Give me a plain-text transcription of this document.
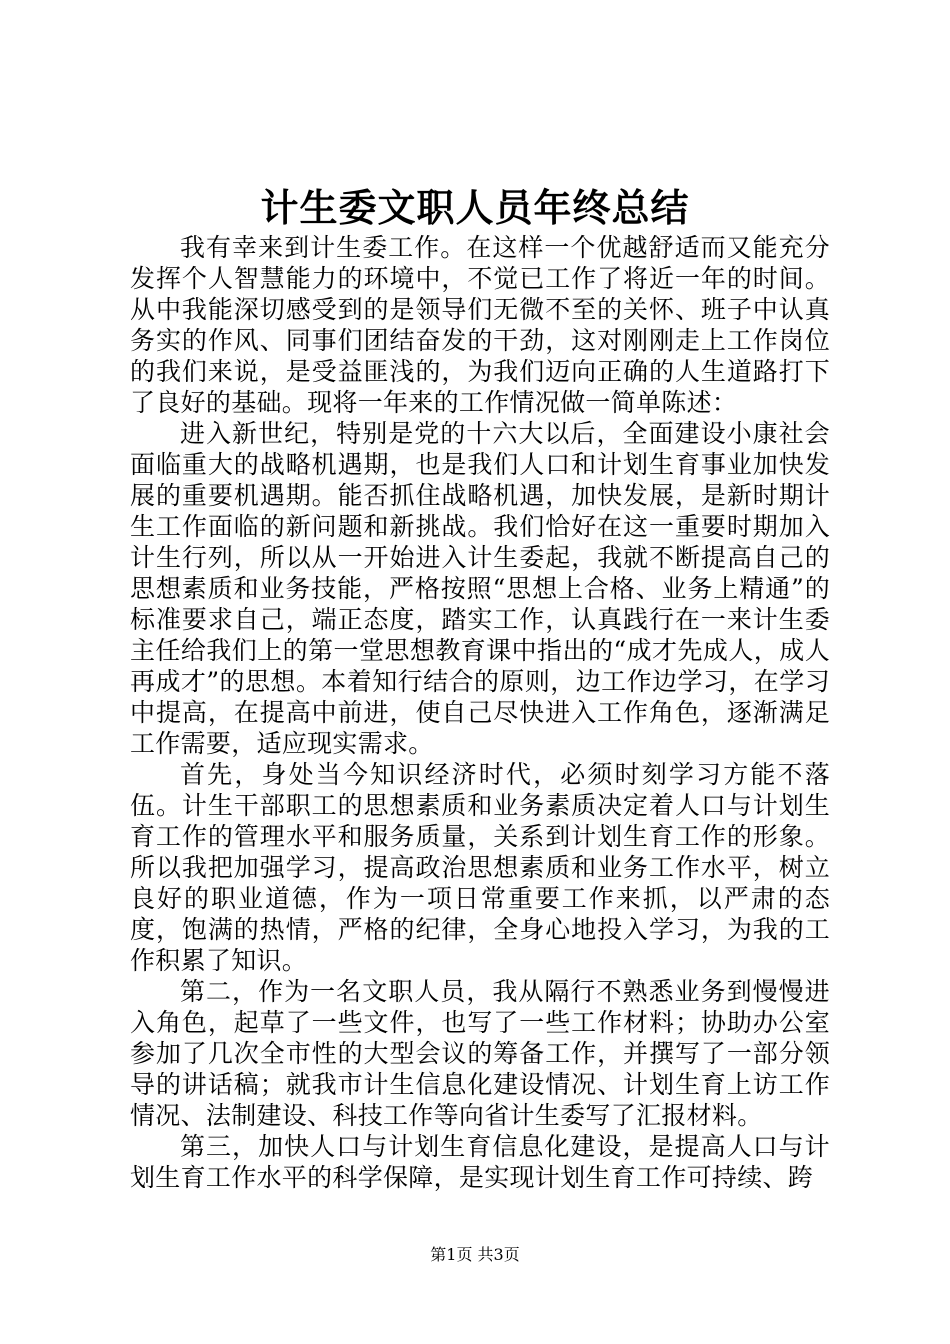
计生委文职人员年终总结

我有幸来到计生委工作。在这样一个优越舒适而又能充分发挥个人智慧能力的环境中，不觉已工作了将近一年的时间。从中我能深切感受到的是领导们无微不至的关怀、班子中认真务实的作风、同事们团结奋发的干劲，这对刚刚走上工作岗位的我们来说，是受益匪浅的，为我们迈向正确的人生道路打下了良好的基础。现将一年来的工作情况做一简单陈述：

进入新世纪，特别是党的十六大以后，全面建设小康社会面临重大的战略机遇期，也是我们人口和计划生育事业加快发展的重要机遇期。能否抓住战略机遇，加快发展，是新时期计生工作面临的新问题和新挑战。我们恰好在这一重要时期加入计生行列，所以从一开始进入计生委起，我就不断提高自己的思想素质和业务技能，严格按照“思想上合格、业务上精通”的标准要求自己，端正态度，踏实工作，认真践行在一来计生委主任给我们上的第一堂思想教育课中指出的“成才先成人，成人再成才”的思想。本着知行结合的原则，边工作边学习，在学习中提高，在提高中前进，使自己尽快进入工作角色，逐渐满足工作需要，适应现实需求。

首先，身处当今知识经济时代，必须时刻学习方能不落伍。计生干部职工的思想素质和业务素质决定着人口与计划生育工作的管理水平和服务质量，关系到计划生育工作的形象。所以我把加强学习，提高政治思想素质和业务工作水平，树立良好的职业道德，作为一项日常重要工作来抓，以严肃的态度，饱满的热情，严格的纪律，全身心地投入学习，为我的工作积累了知识。

第二，作为一名文职人员，我从隔行不熟悉业务到慢慢进入角色，起草了一些文件，也写了一些工作材料；协助办公室参加了几次全市性的大型会议的筹备工作，并撰写了一部分领导的讲话稿；就我市计生信息化建设情况、计划生育上访工作情况、法制建设、科技工作等向省计生委写了汇报材料。

第三，加快人口与计划生育信息化建设，是提高人口与计划生育工作水平的科学保障，是实现计划生育工作可持续、跨

第1页 共3页
